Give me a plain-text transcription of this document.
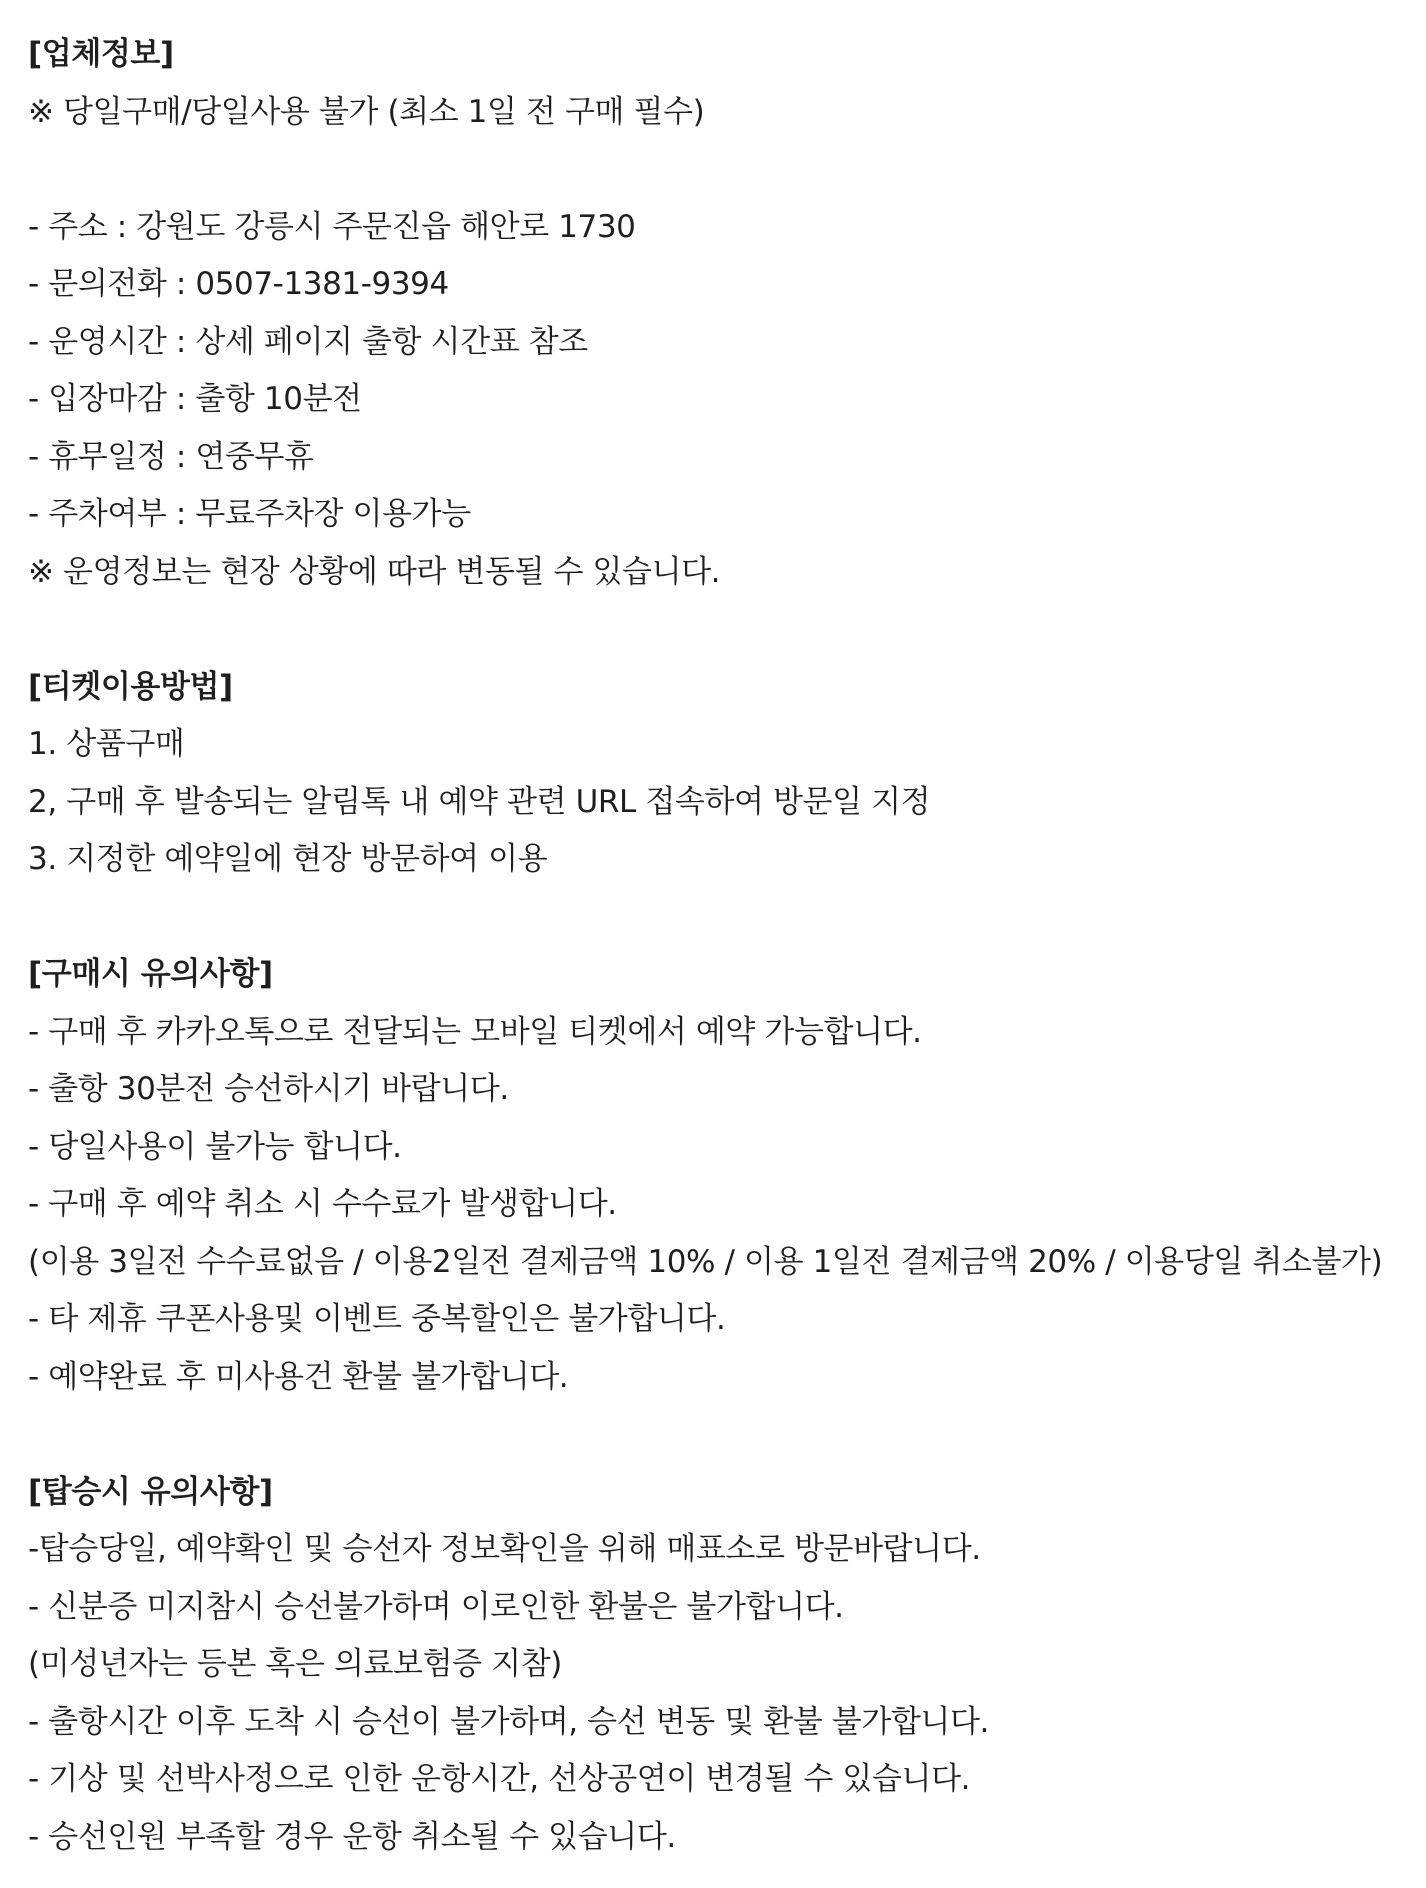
[업체정보]
※ 당일구매/당일사용 불가 (최소 1일 전 구매 필수)
- 주소 : 강원도 강릉시 주문진읍 해안로 1730
- 문의전화 : 0507-1381-9394
- 운영시간 : 상세 페이지 출항 시간표 참조
- 입장마감 : 출항 10분전
- 휴무일정 : 연중무휴
- 주차여부 : 무료주차장 이용가능
※ 운영정보는 현장 상황에 따라 변동될 수 있습니다.
[티켓이용방법]
1. 상품구매
2, 구매 후 발송되는 알림톡 내 예약 관련 URL 접속하여 방문일 지정
3. 지정한 예약일에 현장 방문하여 이용
[구매시 유의사항]
- 구매 후 카카오톡으로 전달되는 모바일 티켓에서 예약 가능합니다.
- 출항 30분전 승선하시기 바랍니다.
- 당일사용이 불가능 합니다.
- 구매 후 예약 취소 시 수수료가 발생합니다.
(이용 3일전 수수료없음 / 이용2일전 결제금액 10% / 이용 1일전 결제금액 20% / 이용당일 취소불가)
- 타 제휴 쿠폰사용및 이벤트 중복할인은 불가합니다.
- 예약완료 후 미사용건 환불 불가합니다.
[탑승시 유의사항]
-탑승당일, 예약확인 및 승선자 정보확인을 위해 매표소로 방문바랍니다.
- 신분증 미지참시 승선불가하며 이로인한 환불은 불가합니다.
(미성년자는 등본 혹은 의료보험증 지참)
- 출항시간 이후 도착 시 승선이 불가하며, 승선 변동 및 환불 불가합니다.
- 기상 및 선박사정으로 인한 운항시간, 선상공연이 변경될 수 있습니다.
- 승선인원 부족할 경우 운항 취소될 수 있습니다.
